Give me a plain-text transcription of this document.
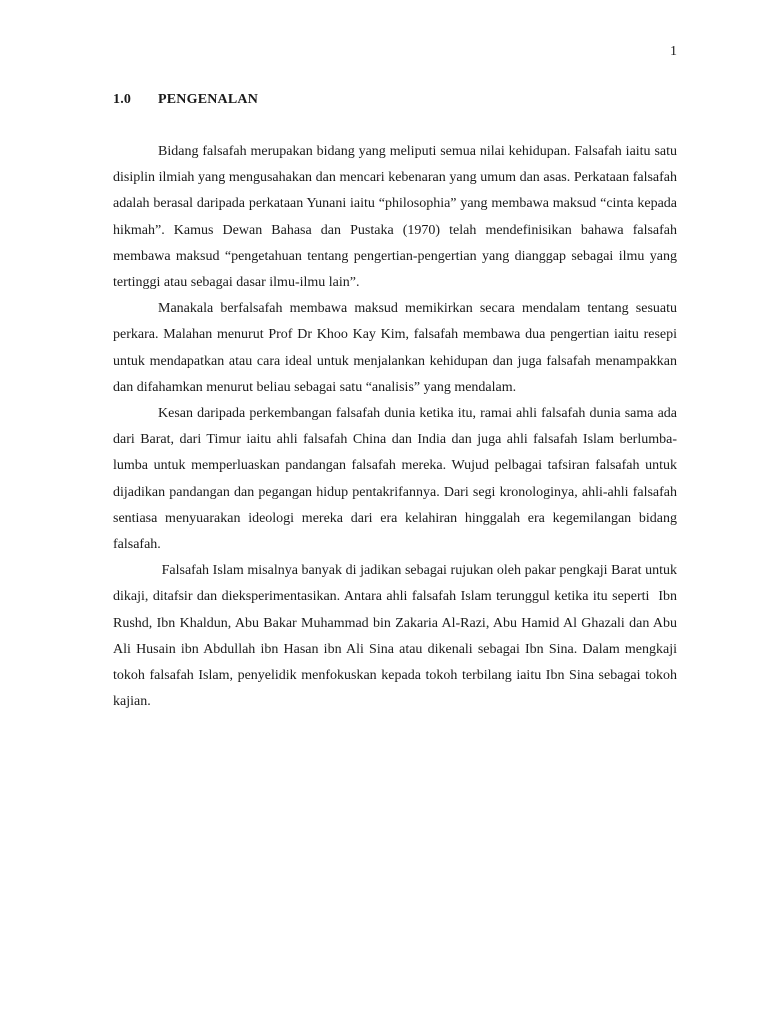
1
1.0 PENGENALAN

Bidang falsafah merupakan bidang yang meliputi semua nilai kehidupan. Falsafah iaitu satu disiplin ilmiah yang mengusahakan dan mencari kebenaran yang umum dan asas. Perkataan falsafah adalah berasal daripada perkataan Yunani iaitu “philosophia” yang membawa maksud “cinta kepada hikmah”. Kamus Dewan Bahasa dan Pustaka (1970) telah mendefinisikan bahawa falsafah membawa maksud “pengetahuan tentang pengertian-pengertian yang dianggap sebagai ilmu yang tertinggi atau sebagai dasar ilmu-ilmu lain”.

Manakala berfalsafah membawa maksud memikirkan secara mendalam tentang sesuatu perkara. Malahan menurut Prof Dr Khoo Kay Kim, falsafah membawa dua pengertian iaitu resepi untuk mendapatkan atau cara ideal untuk menjalankan kehidupan dan juga falsafah menampakkan dan difahamkan menurut beliau sebagai satu “analisis” yang mendalam.

Kesan daripada perkembangan falsafah dunia ketika itu, ramai ahli falsafah dunia sama ada dari Barat, dari Timur iaitu ahli falsafah China dan India dan juga ahli falsafah Islam berlumba-lumba untuk memperluaskan pandangan falsafah mereka. Wujud pelbagai tafsiran falsafah untuk dijadikan pandangan dan pegangan hidup pentakrifannya. Dari segi kronologinya, ahli-ahli falsafah sentiasa menyuarakan ideologi mereka dari era kelahiran hinggalah era kegemilangan bidang falsafah.

Falsafah Islam misalnya banyak di jadikan sebagai rujukan oleh pakar pengkaji Barat untuk dikaji, ditafsir dan dieksperimentasikan. Antara ahli falsafah Islam terunggul ketika itu seperti  Ibn Rushd, Ibn Khaldun, Abu Bakar Muhammad bin Zakaria Al-Razi, Abu Hamid Al Ghazali dan Abu Ali Husain ibn Abdullah ibn Hasan ibn Ali Sina atau dikenali sebagai Ibn Sina. Dalam mengkaji tokoh falsafah Islam, penyelidik menfokuskan kepada tokoh terbilang iaitu Ibn Sina sebagai tokoh kajian.
